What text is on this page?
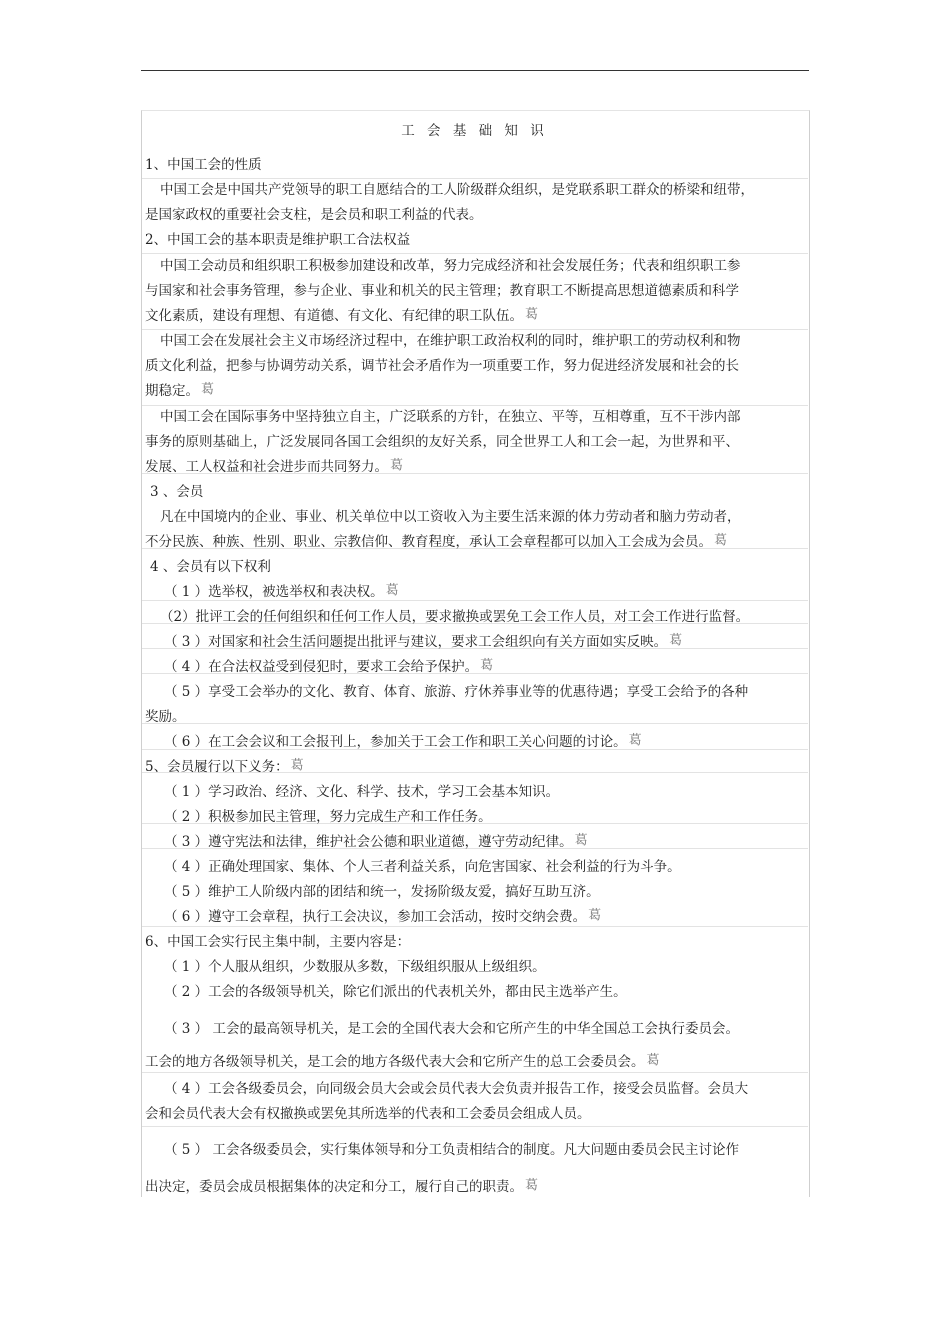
工 会 基 础 知 识
1、中国工会的性质
中国工会是中国共产党领导的职工自愿结合的工人阶级群众组织，是党联系职工群众的桥梁和纽带，
是国家政权的重要社会支柱，是会员和职工利益的代表。
2、中国工会的基本职责是维护职工合法权益
中国工会动员和组织职工积极参加建设和改革，努力完成经济和社会发展任务；代表和组织职工参
与国家和社会事务管理，参与企业、事业和机关的民主管理；教育职工不断提高思想道德素质和科学
文化素质，建设有理想、有道德、有文化、有纪律的职工队伍。 葛
中国工会在发展社会主义市场经济过程中，在维护职工政治权利的同时，维护职工的劳动权利和物
质文化利益，把参与协调劳动关系，调节社会矛盾作为一项重要工作，努力促进经济发展和社会的长
期稳定。 葛
中国工会在国际事务中坚持独立自主，广泛联系的方针，在独立、平等，互相尊重，互不干涉内部
事务的原则基础上，广泛发展同各国工会组织的友好关系，同全世界工人和工会一起，为世界和平、
发展、工人权益和社会进步而共同努力。 葛
3 、会员
凡在中国境内的企业、事业、机关单位中以工资收入为主要生活来源的体力劳动者和脑力劳动者，
不分民族、种族、性别、职业、宗教信仰、教育程度，承认工会章程都可以加入工会成为会员。 葛
4 、会员有以下权利
（ 1 ）选举权，被选举权和表决权。 葛
（2）批评工会的任何组织和任何工作人员，要求撤换或罢免工会工作人员，对工会工作进行监督。
（ 3 ）对国家和社会生活问题提出批评与建议，要求工会组织向有关方面如实反映。 葛
（ 4 ）在合法权益受到侵犯时，要求工会给予保护。 葛
（ 5 ）享受工会举办的文化、教育、体育、旅游、疗休养事业等的优惠待遇；享受工会给予的各种
奖励。
（ 6 ）在工会会议和工会报刊上，参加关于工会工作和职工关心问题的讨论。 葛
5、会员履行以下义务： 葛
（ 1 ）学习政治、经济、文化、科学、技术，学习工会基本知识。
（ 2 ）积极参加民主管理，努力完成生产和工作任务。
（ 3 ）遵守宪法和法律，维护社会公德和职业道德，遵守劳动纪律。 葛
（ 4 ）正确处理国家、集体、个人三者利益关系，向危害国家、社会利益的行为斗争。
（ 5 ）维护工人阶级内部的团结和统一，发扬阶级友爱，搞好互助互济。
（ 6 ）遵守工会章程，执行工会决议，参加工会活动，按时交纳会费。 葛
6、中国工会实行民主集中制，主要内容是：
（ 1 ）个人服从组织，少数服从多数，下级组织服从上级组织。
（ 2 ）工会的各级领导机关，除它们派出的代表机关外，都由民主选举产生。
（ 3 ） 工会的最高领导机关，是工会的全国代表大会和它所产生的中华全国总工会执行委员会。
工会的地方各级领导机关，是工会的地方各级代表大会和它所产生的总工会委员会。 葛
（ 4 ）工会各级委员会，向同级会员大会或会员代表大会负责并报告工作，接受会员监督。会员大
会和会员代表大会有权撤换或罢免其所选举的代表和工会委员会组成人员。
（ 5 ） 工会各级委员会，实行集体领导和分工负责相结合的制度。凡大问题由委员会民主讨论作
出决定，委员会成员根据集体的决定和分工，履行自己的职责。 葛
